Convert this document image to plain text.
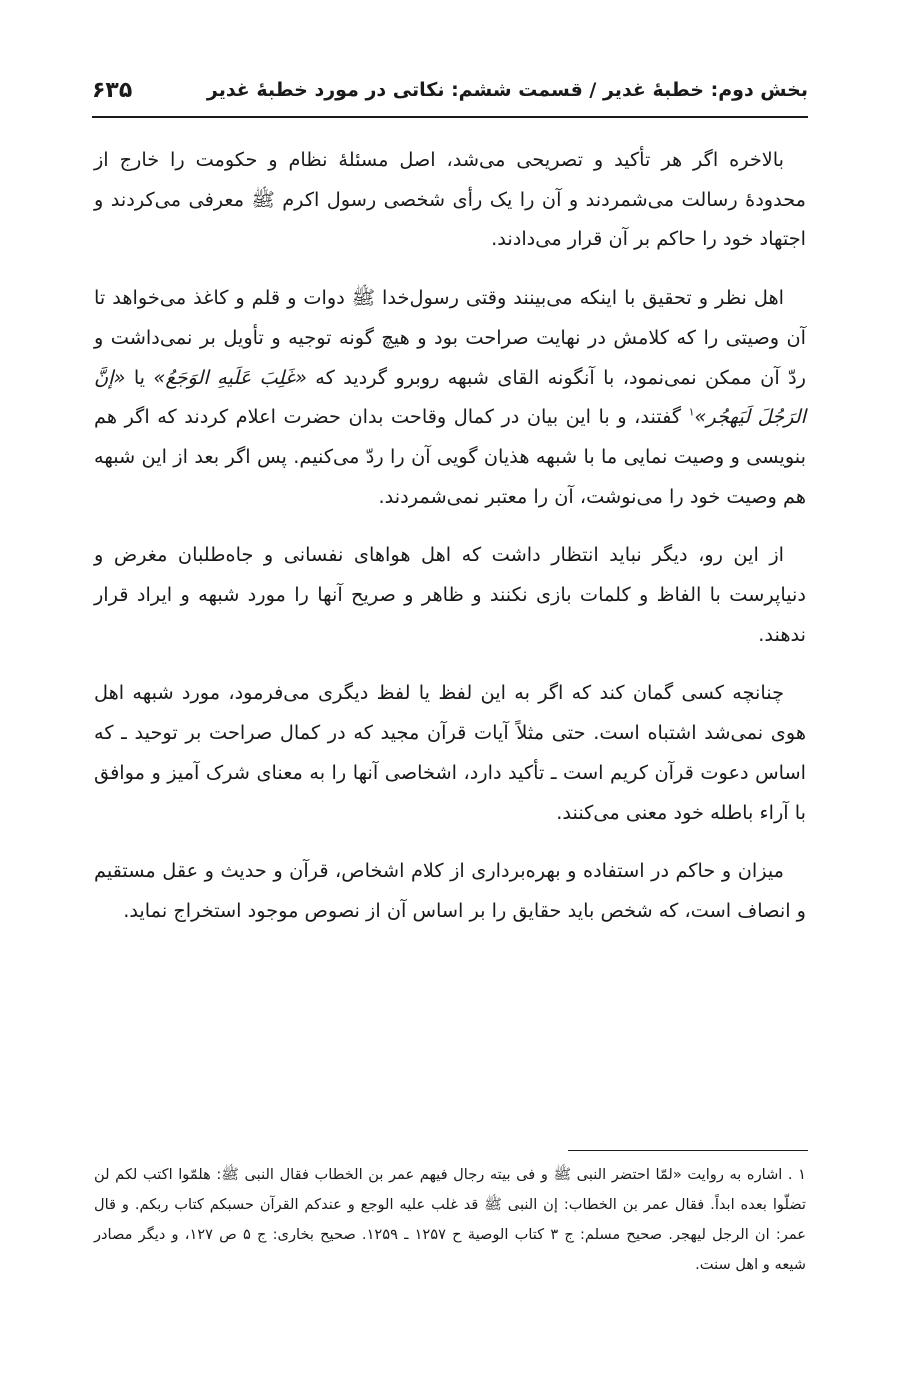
بخش دوم: خطبهٔ غدیر / قسمت ششم: نکاتی در مورد خطبهٔ غدیر
۶۳۵

بالاخره اگر هر تأکید و تصریحی می‌شد، اصل مسئلهٔ نظام و حکومت را خارج از محدودهٔ رسالت می‌شمردند و آن را یک رأی شخصی رسول اکرم ﷺ معرفی می‌کردند و اجتهاد خود را حاکم بر آن قرار می‌دادند.

اهل نظر و تحقیق با اینکه می‌بینند وقتی رسول‌خدا ﷺ دوات و قلم و کاغذ می‌خواهد تا آن وصیتی را که کلامش در نهایت صراحت بود و هیچ گونه توجیه و تأویل بر نمی‌داشت و ردّ آن ممکن نمی‌نمود، با آنگونه القای شبهه روبرو گردید که «غَلِبَ عَلَیهِ الوَجَعُ» یا «إنَّ الرَجُلَ لَیَهجُر»$^۱$ گفتند، و با این بیان در کمال وقاحت بدان حضرت اعلام کردند که اگر هم بنویسی و وصیت نمایی ما با شبهه هذیان گویی آن را ردّ می‌کنیم. پس اگر بعد از این شبهه هم وصیت خود را می‌نوشت، آن را معتبر نمی‌شمردند.

از این رو، دیگر نباید انتظار داشت که اهل هواهای نفسانی و جاه‌طلبان مغرض و دنیاپرست با الفاظ و کلمات بازی نکنند و ظاهر و صریح آنها را مورد شبهه و ایراد قرار ندهند.

چنانچه کسی گمان کند که اگر به این لفظ یا لفظ دیگری می‌فرمود، مورد شبهه اهل هوی نمی‌شد اشتباه است. حتی مثلاً آیات قرآن مجید که در کمال صراحت بر توحید ـ که اساس دعوت قرآن کریم است ـ تأکید دارد، اشخاصی آنها را به معنای شرک آمیز و موافق با آراء باطله خود معنی می‌کنند.

میزان و حاکم در استفاده و بهره‌برداری از کلام اشخاص، قرآن و حدیث و عقل مستقیم و انصاف است، که شخص باید حقایق را بر اساس آن از نصوص موجود استخراج نماید.

۱ . اشاره به روایت «لمّا احتضر النبی ﷺ و فی بیته رجال فیهم عمر بن الخطاب فقال النبی ﷺ: هلمّوا اکتب لکم لن تضلّوا بعده ابداً. فقال عمر بن الخطاب: إن النبی ﷺ قد غلب علیه الوجع و عندکم القرآن حسبکم کتاب ربکم. و قال عمر: ان الرجل لیهجر. صحیح مسلم: ج ۳ کتاب الوصیة ح ۱۲۵۷ ـ ۱۲۵۹. صحیح بخاری: ج ۵ ص ۱۲۷، و دیگر مصادر شیعه و اهل سنت.
